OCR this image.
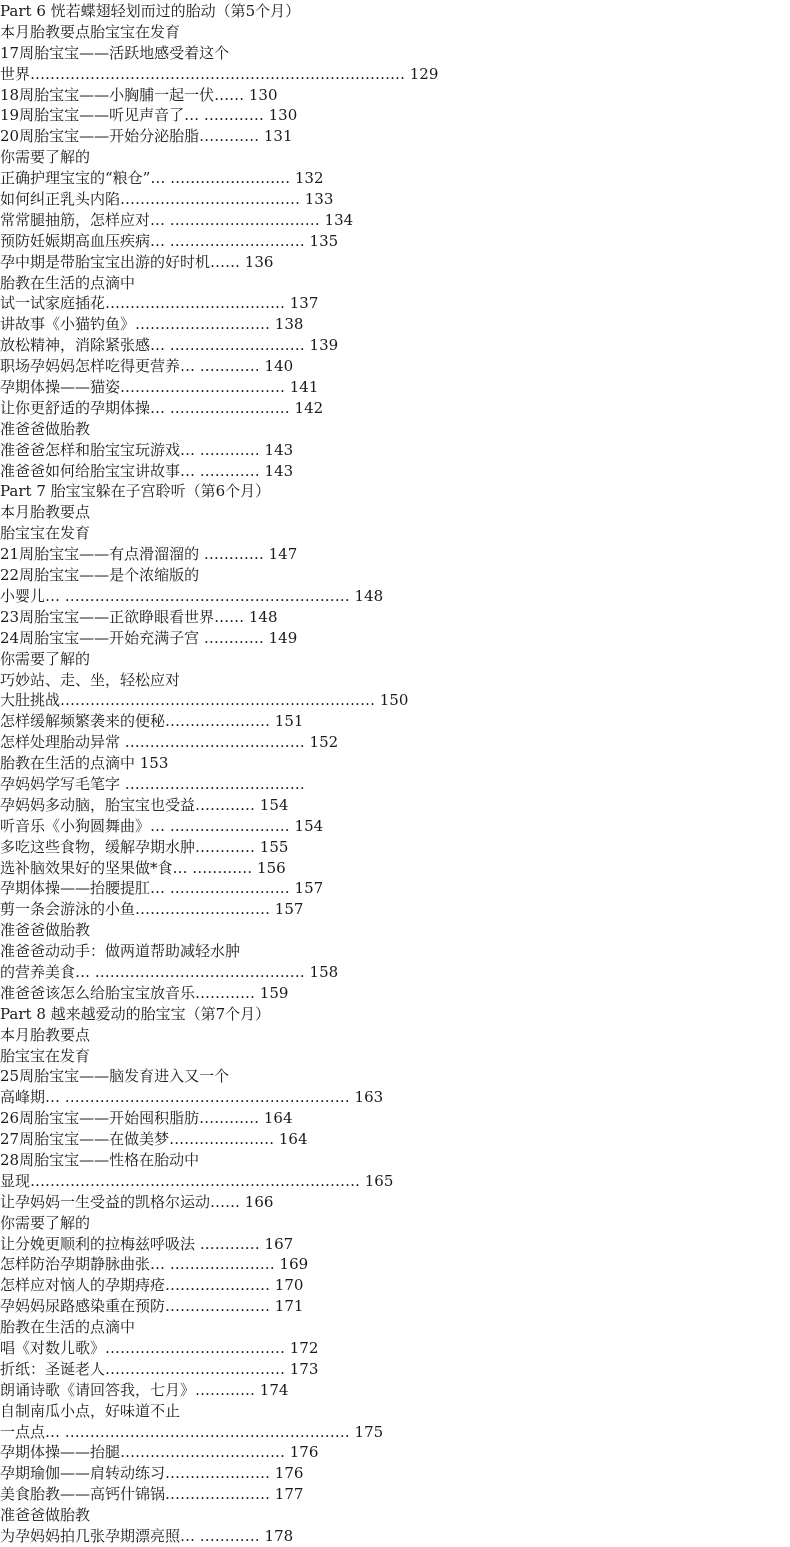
Part 6 恍若蝶翅轻划而过的胎动（第5个月）
本月胎教要点胎宝宝在发育
17周胎宝宝——活跃地感受着这个
世界………………………………………………………………… 129
18周胎宝宝——小胸脯一起一伏…… 130
19周胎宝宝——听见声音了… ………… 130
20周胎宝宝——开始分泌胎脂………… 131
你需要了解的
正确护理宝宝的“粮仓”… …………………… 132
如何纠正乳头内陷……………………………… 133
常常腿抽筋，怎样应对… ………………………… 134
预防妊娠期高血压疾病… ……………………… 135
孕中期是带胎宝宝出游的好时机…… 136
胎教在生活的点滴中
试一试家庭插花……………………………… 137
讲故事《小猫钓鱼》……………………… 138
放松精神，消除紧张感… ……………………… 139
职场孕妈妈怎样吃得更营养… ………… 140
孕期体操——猫姿…………………………… 141
让你更舒适的孕期体操… …………………… 142
准爸爸做胎教
准爸爸怎样和胎宝宝玩游戏… ………… 143
准爸爸如何给胎宝宝讲故事… ………… 143
Part 7 胎宝宝躲在子宫聆听（第6个月）
本月胎教要点
胎宝宝在发育
21周胎宝宝——有点滑溜溜的 ………… 147
22周胎宝宝——是个浓缩版的
小婴儿… ………………………………………………… 148
23周胎宝宝——正欲睁眼看世界…… 148
24周胎宝宝——开始充满子宫 ………… 149
你需要了解的
巧妙站、走、坐，轻松应对
大肚挑战……………………………………………………… 150
怎样缓解频繁袭来的便秘………………… 151
怎样处理胎动异常 ……………………………… 152
胎教在生活的点滴中 153
孕妈妈学写毛笔字 ………………………………
孕妈妈多动脑，胎宝宝也受益………… 154
听音乐《小狗圆舞曲》… …………………… 154
多吃这些食物，缓解孕期水肿………… 155
选补脑效果好的坚果做*食… ………… 156
孕期体操——抬腰提肛… …………………… 157
剪一条会游泳的小鱼……………………… 157
准爸爸做胎教
准爸爸动动手：做两道帮助减轻水肿
的营养美食… …………………………………… 158
准爸爸该怎么给胎宝宝放音乐………… 159
Part 8 越来越爱动的胎宝宝（第7个月）
本月胎教要点
胎宝宝在发育
25周胎宝宝——脑发育进入又一个
高峰期… ………………………………………………… 163
26周胎宝宝——开始囤积脂肪………… 164
27周胎宝宝——在做美梦………………… 164
28周胎宝宝——性格在胎动中
显现………………………………………………………… 165
让孕妈妈一生受益的凯格尔运动…… 166
你需要了解的
让分娩更顺利的拉梅兹呼吸法 ………… 167
怎样防治孕期静脉曲张… ………………… 169
怎样应对恼人的孕期痔疮………………… 170
孕妈妈尿路感染重在预防………………… 171
胎教在生活的点滴中
唱《对数儿歌》……………………………… 172
折纸：圣诞老人……………………………… 173
朗诵诗歌《请回答我，七月》………… 174
自制南瓜小点，好味道不止
一点点… ………………………………………………… 175
孕期体操——抬腿…………………………… 176
孕期瑜伽——肩转动练习………………… 176
美食胎教——高钙什锦锅………………… 177
准爸爸做胎教
为孕妈妈拍几张孕期漂亮照… ………… 178
